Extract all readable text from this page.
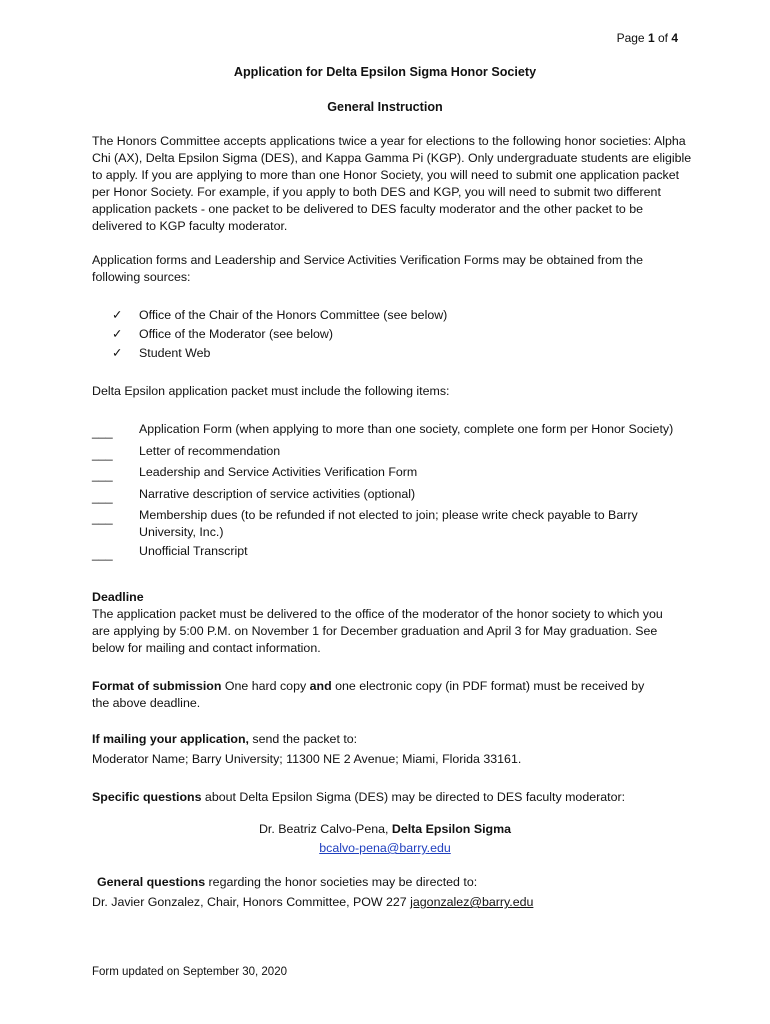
Page 1 of 4
Application for Delta Epsilon Sigma Honor Society
General Instruction
The Honors Committee accepts applications twice a year for elections to the following honor societies: Alpha Chi (AX), Delta Epsilon Sigma (DES), and Kappa Gamma Pi (KGP). Only undergraduate students are eligible to apply. If you are applying to more than one Honor Society, you will need to submit one application packet per Honor Society. For example, if you apply to both DES and KGP, you will need to submit two different application packets - one packet to be delivered to DES faculty moderator and the other packet to be delivered to KGP faculty moderator.
Application forms and Leadership and Service Activities Verification Forms may be obtained from the following sources:
✓	Office of the Chair of the Honors Committee (see below)
✓	Office of the Moderator (see below)
✓	Student Web
Delta Epsilon application packet must include the following items:
___	Application Form (when applying to more than one society, complete one form per Honor Society)
___	Letter of recommendation
___	Leadership and Service Activities Verification Form
___	Narrative description of service activities (optional)
___	Membership dues (to be refunded if not elected to join; please write check payable to Barry University, Inc.)
___	Unofficial Transcript
Deadline
The application packet must be delivered to the office of the moderator of the honor society to which you are applying by 5:00 P.M. on November 1 for December graduation and April 3 for May graduation. See below for mailing and contact information.
Format of submission One hard copy and one electronic copy (in PDF format) must be received by the above deadline.
If mailing your application, send the packet to:
Moderator Name; Barry University; 11300 NE 2 Avenue; Miami, Florida 33161.
Specific questions about Delta Epsilon Sigma (DES) may be directed to DES faculty moderator:
Dr. Beatriz Calvo-Pena, Delta Epsilon Sigma
bcalvo-pena@barry.edu
General questions regarding the honor societies may be directed to:
Dr. Javier Gonzalez, Chair, Honors Committee, POW 227 jagonzalez@barry.edu
Form updated on September 30, 2020
